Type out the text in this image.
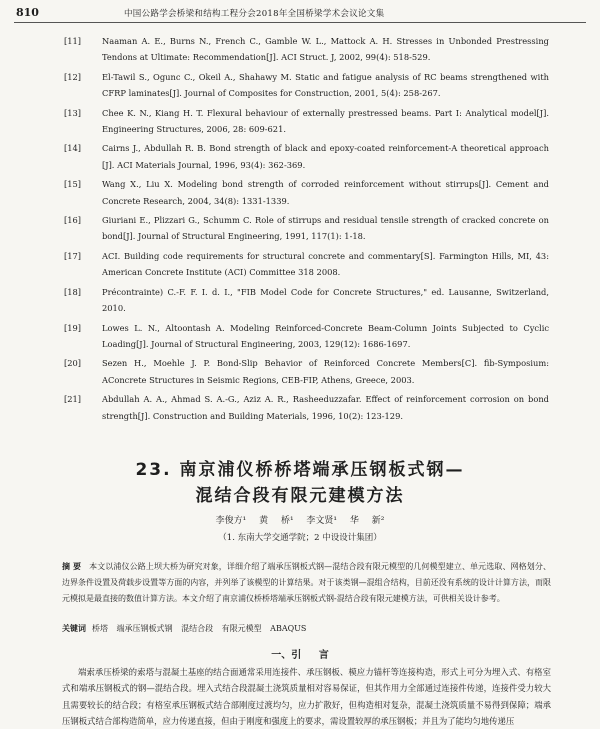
810	中国公路学会桥梁和结构工程分会2018年全国桥梁学术会议论文集
[11]	Naaman A. E., Burns N., French C., Gamble W. L., Mattock A. H. Stresses in Unbonded Prestressing Tendons at Ultimate: Recommendation[J]. ACI Struct. J, 2002, 99(4): 518-529.
[12]	El-Tawil S., Ogunc C., Okeil A., Shahawy M. Static and fatigue analysis of RC beams strengthened with CFRP laminates[J]. Journal of Composites for Construction, 2001, 5(4): 258-267.
[13]	Chee K. N., Kiang H. T. Flexural behaviour of externally prestressed beams. Part I: Analytical model[J]. Engineering Structures, 2006, 28: 609-621.
[14]	Cairns J., Abdullah R. B. Bond strength of black and epoxy-coated reinforcement-A theoretical approach [J]. ACI Materials Journal, 1996, 93(4): 362-369.
[15]	Wang X., Liu X. Modeling bond strength of corroded reinforcement without stirrups[J]. Cement and Concrete Research, 2004, 34(8): 1331-1339.
[16]	Giuriani E., Plizzari G., Schumm C. Role of stirrups and residual tensile strength of cracked concrete on bond[J]. Journal of Structural Engineering, 1991, 117(1): 1-18.
[17]	ACI. Building code requirements for structural concrete and commentary[S]. Farmington Hills, MI, 43: American Concrete Institute (ACI) Committee 318 2008.
[18]	Précontrainte) C.-F. F. I. d. I., "FIB Model Code for Concrete Structures," ed. Lausanne, Switzerland, 2010.
[19]	Lowes L. N., Altoontash A. Modeling Reinforced-Concrete Beam-Column Joints Subjected to Cyclic Loading[J]. Journal of Structural Engineering, 2003, 129(12): 1686-1697.
[20]	Sezen H., Moehle J. P. Bond-Slip Behavior of Reinforced Concrete Members[C]. fib-Symposium: AConcrete Structures in Seismic Regions, CEB-FIP, Athens, Greece, 2003.
[21]	Abdullah A. A., Ahmad S. A.-G., Aziz A. R., Rasheeduzzafar. Effect of reinforcement corrosion on bond strength[J]. Construction and Building Materials, 1996, 10(2): 123-129.
23. 南京浦仪桥桥塔端承压钢板式钢—
混结合段有限元建模方法
李俊方¹ 黄 桥¹ 李文贤¹ 华 新²
（1. 东南大学交通学院；2 中设设计集团）
摘 要 本文以浦仪公路上坝大桥为研究对象，详细介绍了端承压钢板式钢—混结合段有限元模型的几何模型建立、单元选取、网格划分、边界条件设置及荷载步设置等方面的内容，并列举了该模型的计算结果。对于该类钢—混组合结构，目前还没有系统的设计计算方法，而限元模拟是最直接的数值计算方法。本文介绍了南京浦仪桥桥塔端承压钢板式钢-混结合段有限元建模方法，可供相关设计参考。
关键词 桥塔 端承压钢板式钢 混结合段 有限元模型 ABAQUS
一、引 言
端索承压桥梁的索塔与混凝土基座的结合面通常采用连接件、承压钢板、模应力锚杆等连接构造，形式上可分为埋入式、有格室式和端承压钢板式的钢—混结合段。埋入式结合段混凝土浇筑质量相对容易保证，但其作用力全部通过连接件传递，连接件受力较大且需要较长的结合段；有格室承压钢板式结合部刚度过渡均匀，应力扩散好，但构造相对复杂，混凝土浇筑质量不易得到保障；端承压钢板式结合部构造简单，应力传递直接，但由于刚度和强度上的要求，需设置较厚的承压钢板；并且为了能均匀地传递压
